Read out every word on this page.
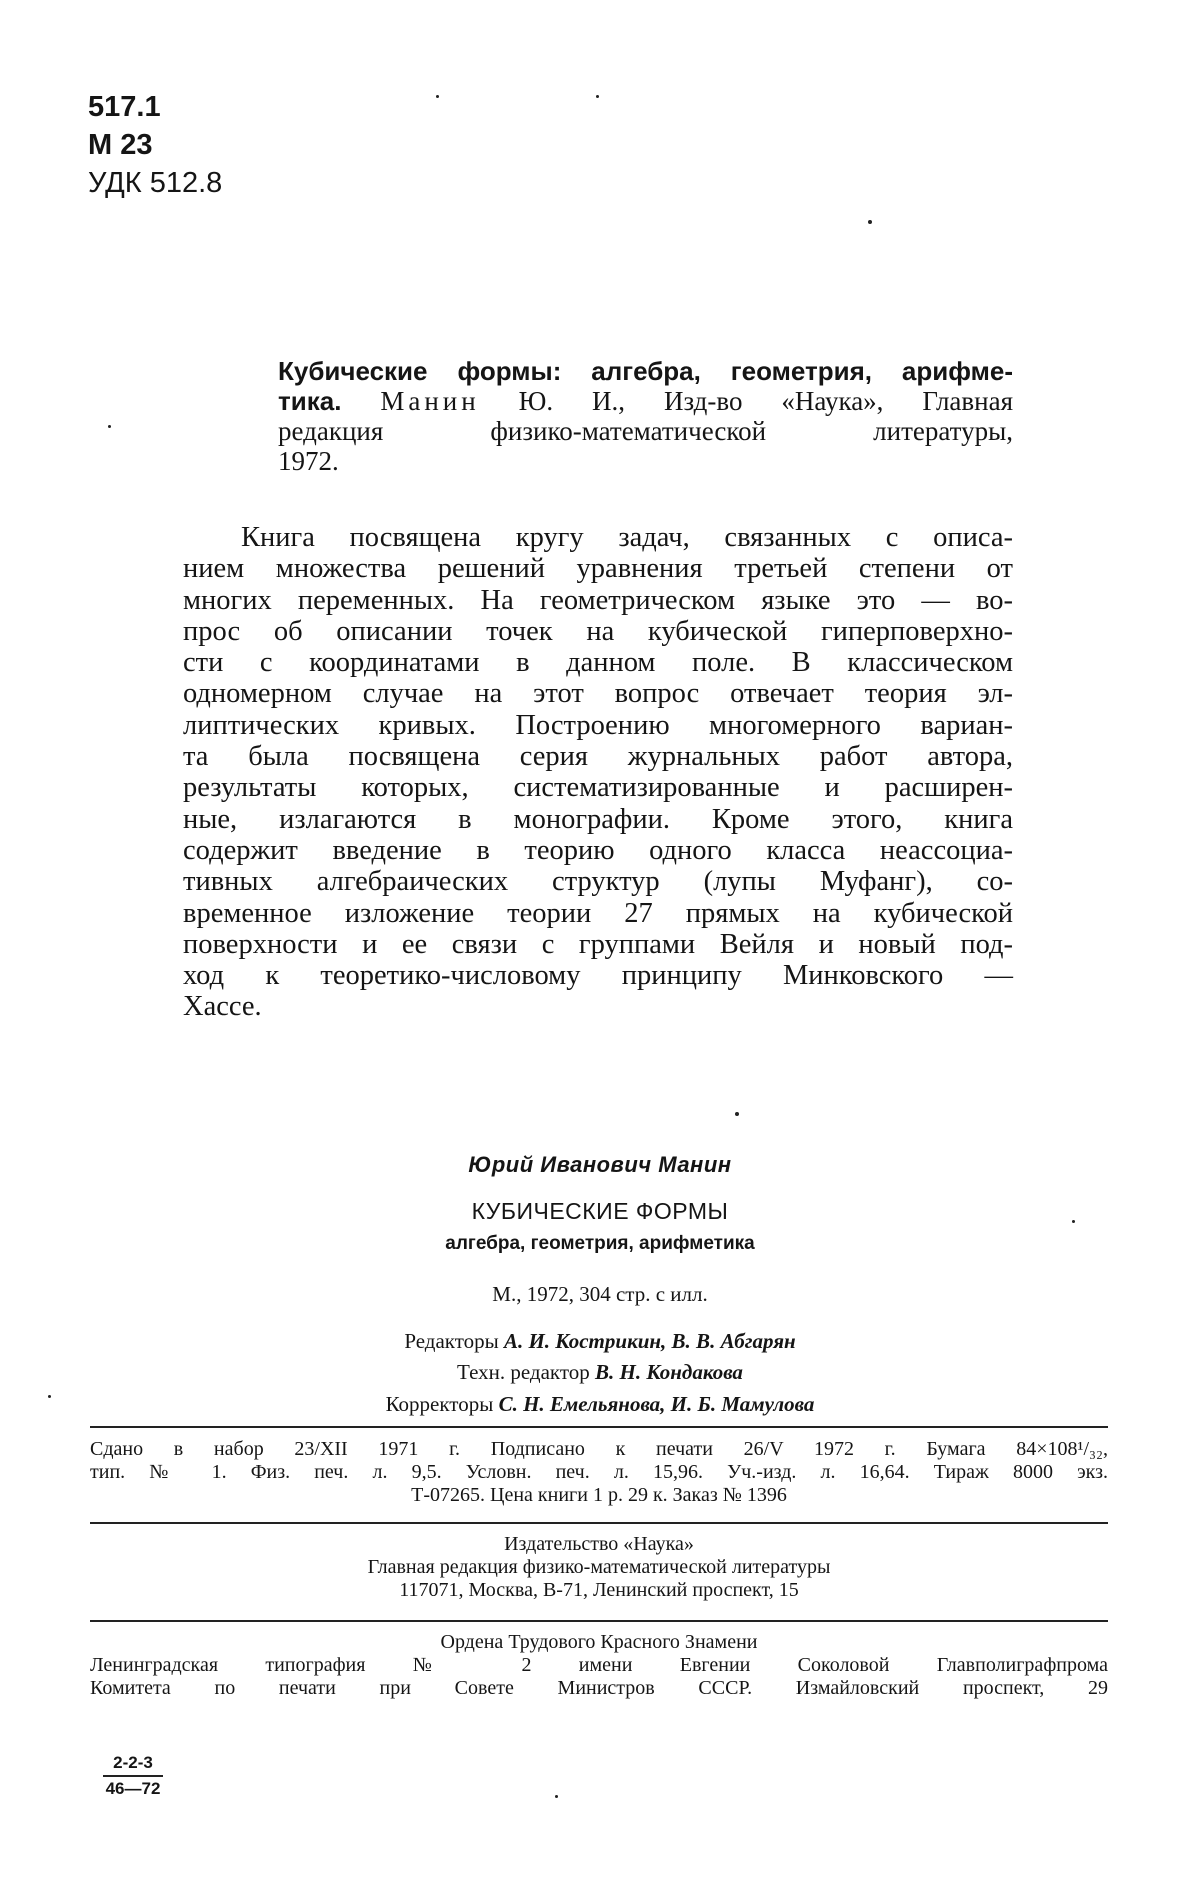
517.1
М 23
УДК 512.8
Кубические формы: алгебра, геометрия, арифме-
тика. Манин Ю. И., Изд-во «Наука», Главная
редакция физико-математической литературы,
1972.
Книга посвящена кругу задач, связанных с описа-
нием множества решений уравнения третьей степени от
многих переменных. На геометрическом языке это — во-
прос об описании точек на кубической гиперповерхно-
сти с координатами в данном поле. В классическом
одномерном случае на этот вопрос отвечает теория эл-
липтических кривых. Построению многомерного вариан-
та была посвящена серия журнальных работ автора,
результаты которых, систематизированные и расширен-
ные, излагаются в монографии. Кроме этого, книга
содержит введение в теорию одного класса неассоциа-
тивных алгебраических структур (лупы Муфанг), со-
временное изложение теории 27 прямых на кубической
поверхности и ее связи с группами Вейля и новый под-
ход к теоретико-числовому принципу Минковского —
Хассе.
Юрий Иванович Манин
КУБИЧЕСКИЕ ФОРМЫ
алгебра, геометрия, арифметика
М., 1972, 304 стр. с илл.
Редакторы А. И. Кострикин, В. В. Абгарян
Техн. редактор В. Н. Кондакова
Корректоры С. Н. Емельянова, И. Б. Мамулова
Сдано в набор 23/XII 1971 г. Подписано к печати 26/V 1972 г. Бумага 84×108¹/₃₂,
тип. № 1. Физ. печ. л. 9,5. Условн. печ. л. 15,96. Уч.-изд. л. 16,64. Тираж 8000 экз.
Т-07265. Цена книги 1 р. 29 к. Заказ № 1396
Издательство «Наука»
Главная редакция физико-математической литературы
117071, Москва, В-71, Ленинский проспект, 15
Ордена Трудового Красного Знамени
Ленинградская типография № 2 имени Евгении Соколовой Главполиграфпрома
Комитета по печати при Совете Министров СССР. Измайловский проспект, 29
$\frac{2-2-3}{46—72}$
